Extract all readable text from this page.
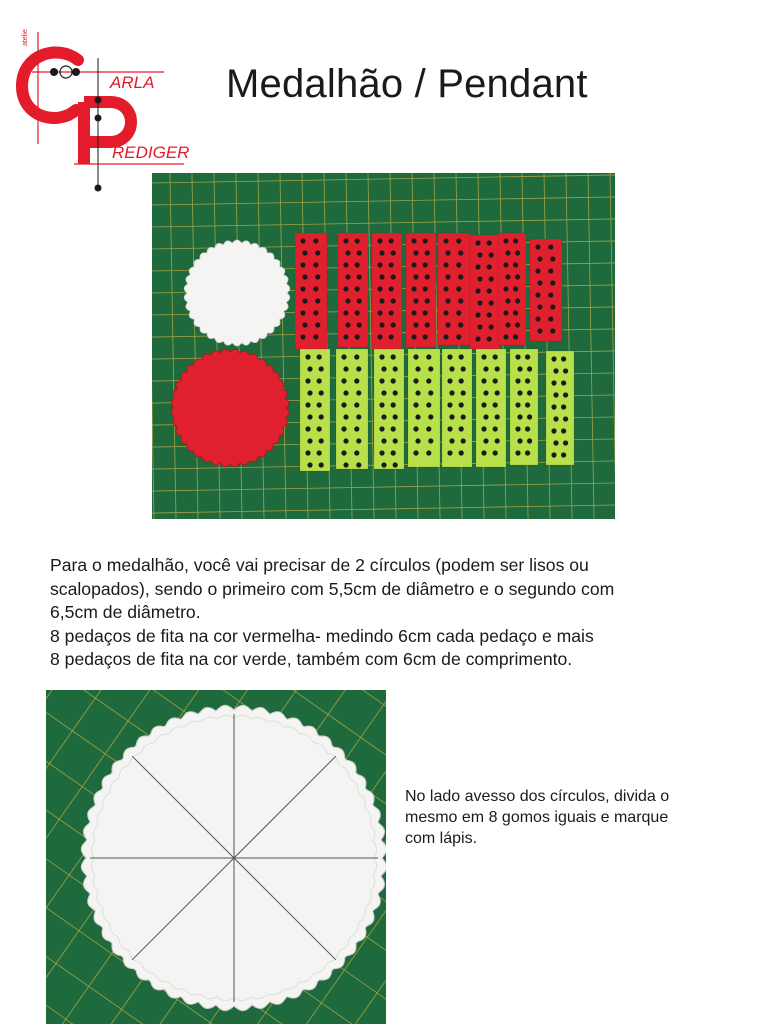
atelie
ARLA
REDIGER
Medalhão / Pendant

Para o medalhão, você vai precisar de 2 círculos (podem ser lisos ou

scalopados), sendo o primeiro com 5,5cm de diâmetro e o segundo com

6,5cm de diâmetro.

8 pedaços de fita na cor vermelha- medindo 6cm cada pedaço e mais

8 pedaços de fita na cor verde, também com 6cm de comprimento.

No lado avesso dos círculos, divida o

mesmo em 8 gomos iguais e marque

com lápis.
